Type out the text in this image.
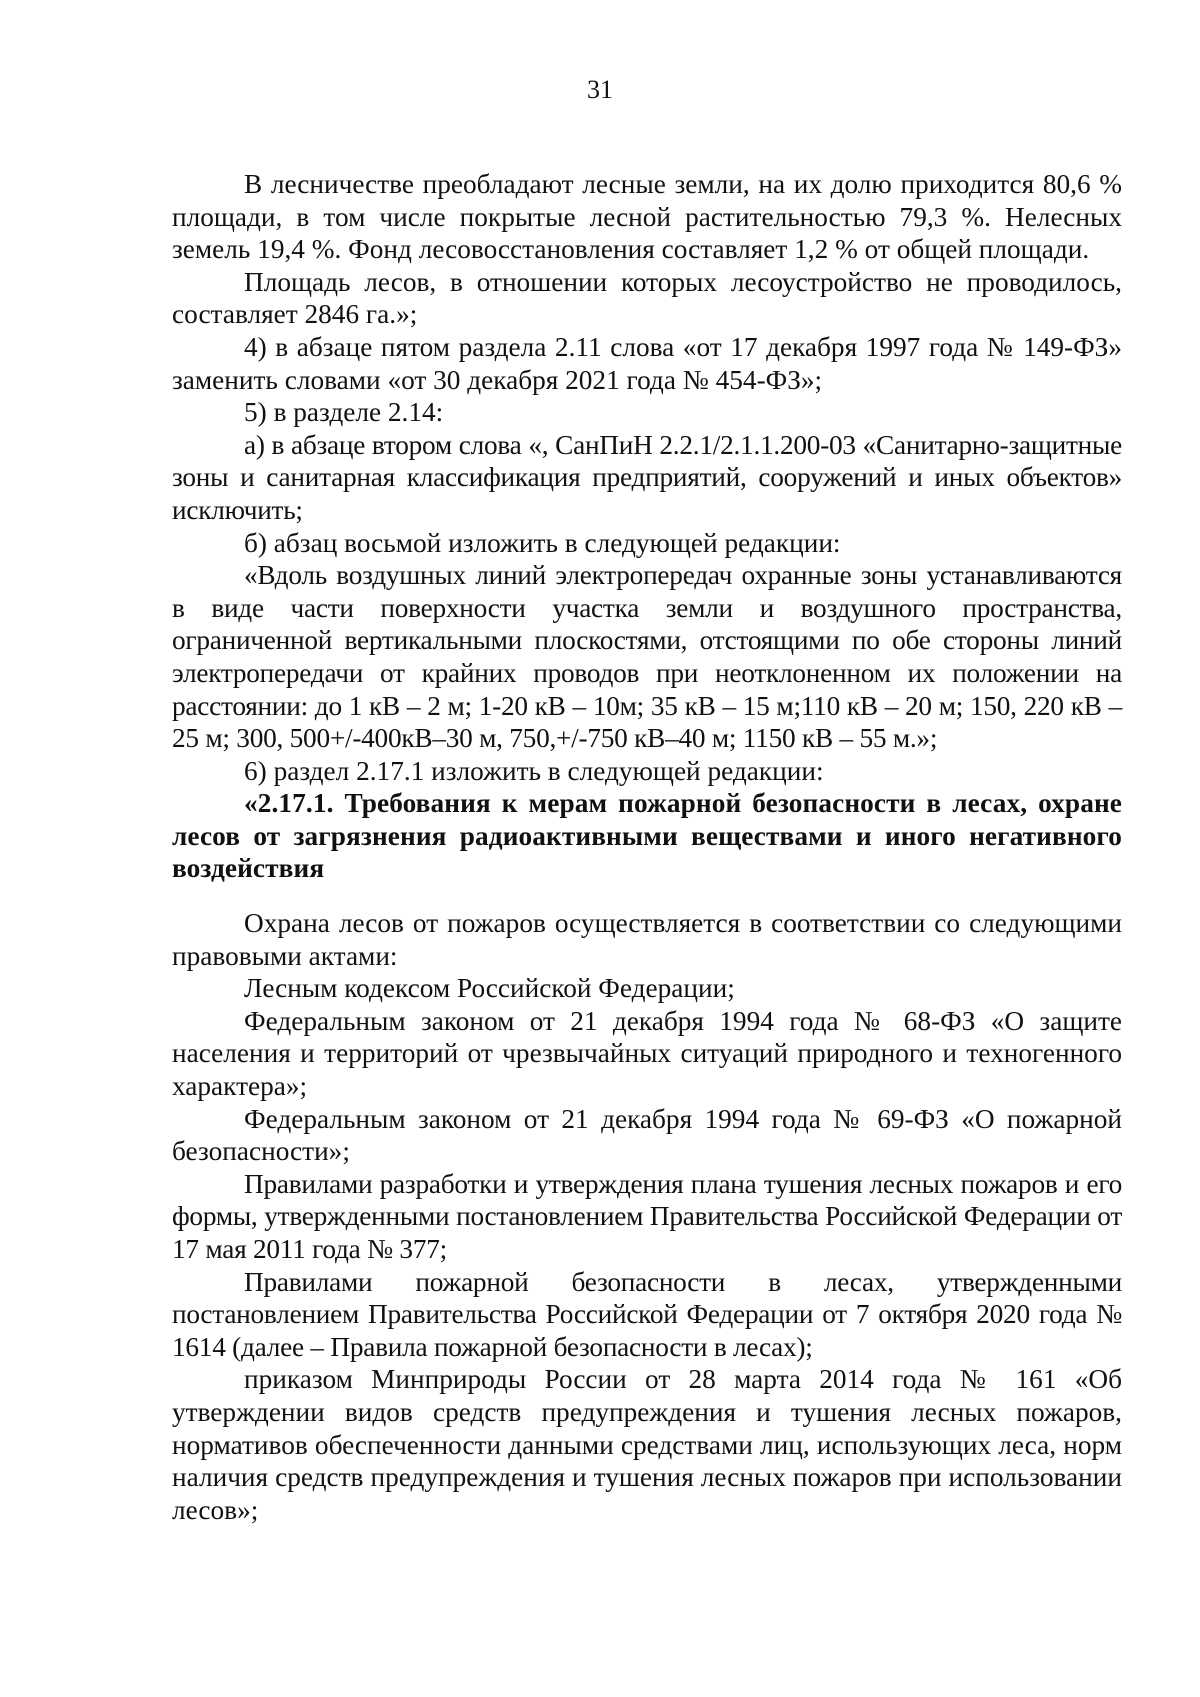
31

В лесничестве преобладают лесные земли, на их долю приходится 80,6 % площади, в том числе покрытые лесной растительностью 79,3 %. Нелесных земель 19,4 %. Фонд лесовосстановления составляет 1,2 % от общей площади.

Площадь лесов, в отношении которых лесоустройство не проводилось, составляет 2846 га.»;

4) в абзаце пятом раздела 2.11 слова «от 17 декабря 1997 года № 149-ФЗ» заменить словами «от 30 декабря 2021 года № 454-ФЗ»;

5) в разделе 2.14:

а) в абзаце втором слова «, СанПиН 2.2.1/2.1.1.200-03 «Санитарно-защитные зоны и санитарная классификация предприятий, сооружений и иных объектов» исключить;

б) абзац восьмой изложить в следующей редакции:

«Вдоль воздушных линий электропередач охранные зоны устанавливаются в виде части поверхности участка земли и воздушного пространства, ограниченной вертикальными плоскостями, отстоящими по обе стороны линий электропередачи от крайних проводов при неотклоненном их положении на расстоянии: до 1 кВ – 2 м; 1-20 кВ – 10м; 35 кВ – 15 м;110 кВ – 20 м; 150, 220 кВ – 25 м; 300, 500+/-400кВ–30 м, 750,+/-750 кВ–40 м; 1150 кВ – 55 м.»;

6) раздел 2.17.1 изложить в следующей редакции:

«2.17.1. Требования к мерам пожарной безопасности в лесах, охране лесов от загрязнения радиоактивными веществами и иного негативного воздействия

Охрана лесов от пожаров осуществляется в соответствии со следующими правовыми актами:

Лесным кодексом Российской Федерации;

Федеральным законом от 21 декабря 1994 года № 68-ФЗ «О защите населения и территорий от чрезвычайных ситуаций природного и техногенного характера»;

Федеральным законом от 21 декабря 1994 года № 69-ФЗ «О пожарной безопасности»;

Правилами разработки и утверждения плана тушения лесных пожаров и его формы, утвержденными постановлением Правительства Российской Федерации от 17 мая 2011 года № 377;

Правилами пожарной безопасности в лесах, утвержденными постановлением Правительства Российской Федерации от 7 октября 2020 года № 1614 (далее – Правила пожарной безопасности в лесах);

приказом Минприроды России от 28 марта 2014 года № 161 «Об утверждении видов средств предупреждения и тушения лесных пожаров, нормативов обеспеченности данными средствами лиц, использующих леса, норм наличия средств предупреждения и тушения лесных пожаров при использовании лесов»;
